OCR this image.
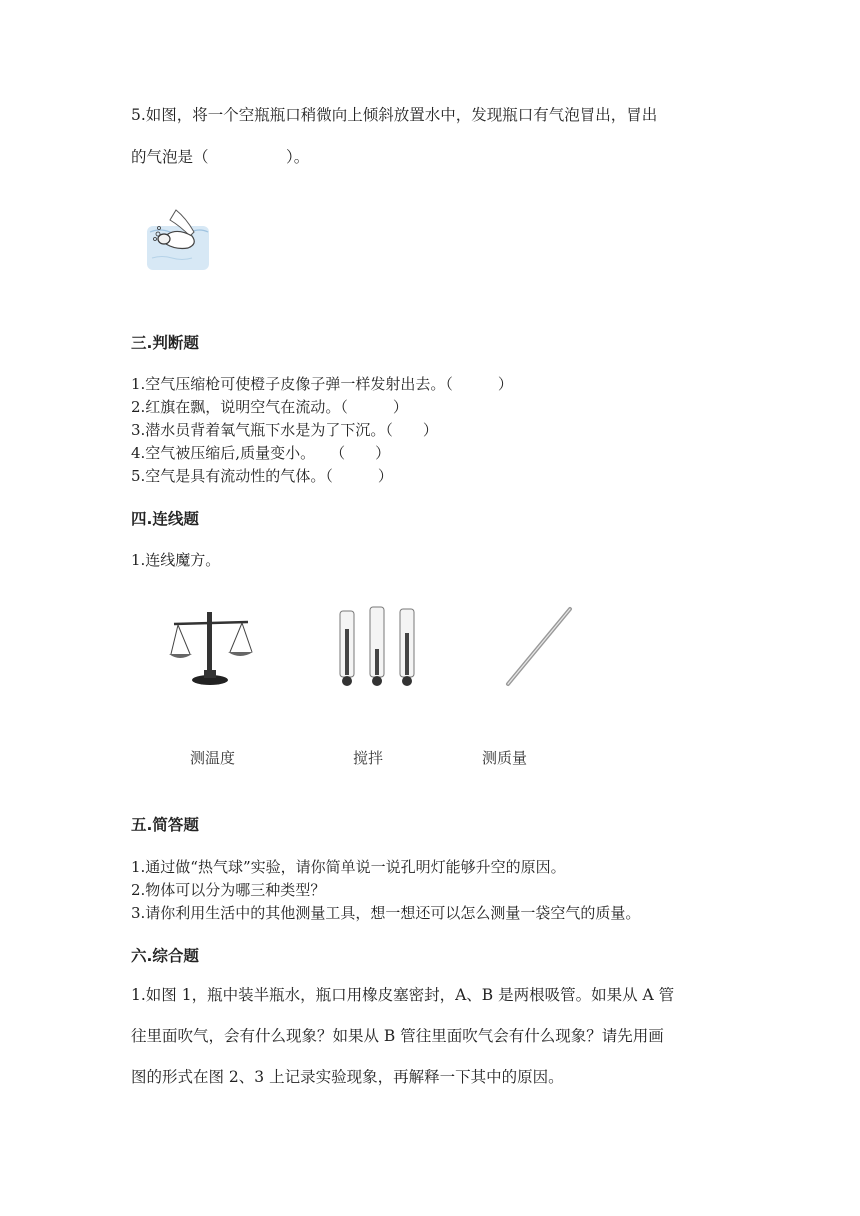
5.如图，将一个空瓶瓶口稍微向上倾斜放置水中，发现瓶口有气泡冒出，冒出
的气泡是（　　　　　）。
三.判断题
1.空气压缩枪可使橙子皮像子弹一样发射出去。（　　　）
2.红旗在飘，说明空气在流动。（　　　）
3.潜水员背着氧气瓶下水是为了下沉。（　　）
4.空气被压缩后,质量变小。　　（　　）
5.空气是具有流动性的气体。（　　　）
四.连线题
1.连线魔方。
测温度	搅拌	测质量
五.简答题
1.通过做“热气球”实验，请你简单说一说孔明灯能够升空的原因。
2.物体可以分为哪三种类型？
3.请你利用生活中的其他测量工具，想一想还可以怎么测量一袋空气的质量。
六.综合题
1.如图 1，瓶中装半瓶水，瓶口用橡皮塞密封，A、B 是两根吸管。如果从 A 管
往里面吹气，会有什么现象？如果从 B 管往里面吹气会有什么现象？请先用画
图的形式在图 2、3 上记录实验现象，再解释一下其中的原因。
